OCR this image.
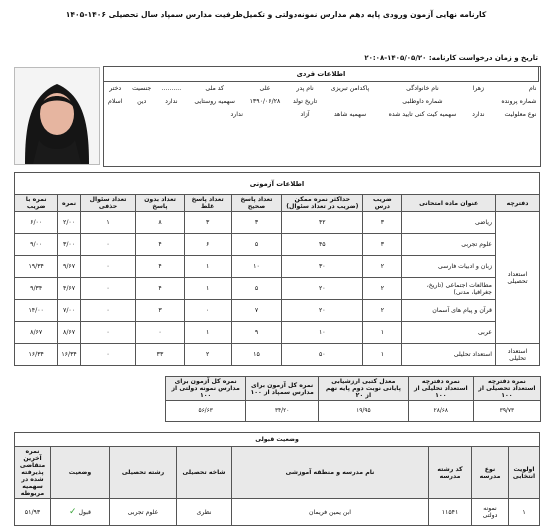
کارنامه نهایی آزمون ورودی پایه دهم مدارس نمونه‌دولتی و تکمیل‌ظرفیت مدارس سمپاد سال تحصیلی ۱۴۰۶-۱۴۰۵
تاریخ و زمان درخواست کارنامه: ۱۴۰۵/۰۵/۲۰-۲۰:۰۸
اطلاعات فردی									
نام	زهرا	نام خانوادگی	پاکدامن تبریزی	نام پدر	علی	کد ملی	..........	جنسیت	دختر
شماره پرونده		شماره داوطلبی		تاریخ تولد	۱۳۹۰/۰۶/۲۸	سهمیه روستایی	ندارد	دین	اسلام
نوع معلولیت	ندارد	سهمیه کیت کنی تایید شده	سهمیه شاهد	آزاد	ندارد				
اطلاعات آزمونی									
دفترچه	عنوان ماده امتحانی	ضریب درس	حداکثر نمره ممکن (ضریب در تعداد سئوال)	تعداد پاسخ صحیح	تعداد پاسخ غلط	تعداد بدون پاسخ	تعداد سئوال حذفی	نمره	نمره با ضریب
استعداد تحصیلی	ریاضی	۳	۴۲	۳	۳	۸	۱	۲/۰۰	۶/۰۰
	علوم تجربی	۳	۴۵	۵	۶	۴	۰	۳/۰۰	۹/۰۰
	زبان و ادبیات فارسی	۲	۳۰	۱۰	۱	۴	۰	۹/۶۷	۱۹/۳۴
	مطالعات اجتماعی (تاریخ، جغرافیا، مدنی)	۲	۲۰	۵	۱	۴	۰	۴/۶۷	۹/۳۴
	قرآن و پیام های آسمان	۲	۲۰	۷	۰	۳	۰	۷/۰۰	۱۴/۰۰
	عربی	۱	۱۰	۹	۱	۰	۰	۸/۶۷	۸/۶۷
استعداد تحلیلی	استعداد تحلیلی	۱	۵۰	۱۵	۲	۳۳	۰	۱۶/۳۴	۱۶/۳۴
نمره دفترچه استعداد تحصیلی از ۱۰۰	نمره دفترچه استعداد تحلیلی از ۱۰۰	معدل کتبی ارزشیابی پایانی نوبت دوم پایه نهم از ۲۰	نمره کل آزمون برای مدارس سمپاد از ۱۰۰	نمره کل آزمون برای مدارس نمونه دولتی از ۱۰۰
۳۹/۷۳	۲۸/۶۸	۱۹/۹۵	۳۴/۲۰	۵۶/۶۳
وضعیت قبولی							
اولویت انتخابی	نوع مدرسه	کد رشته مدرسه	نام مدرسه و منطقه آموزشی	شاخه تحصیلی	رشته تحصیلی	وضعیت	نمره آخرین متقاضی پذیرفته شده در سهمیه مربوطه
۱	نمونه دولتی	۱۱۵۴۱	ابن یمین فریمان	نظری	علوم تجربی	قبول ✓	۵۱/۹۳
